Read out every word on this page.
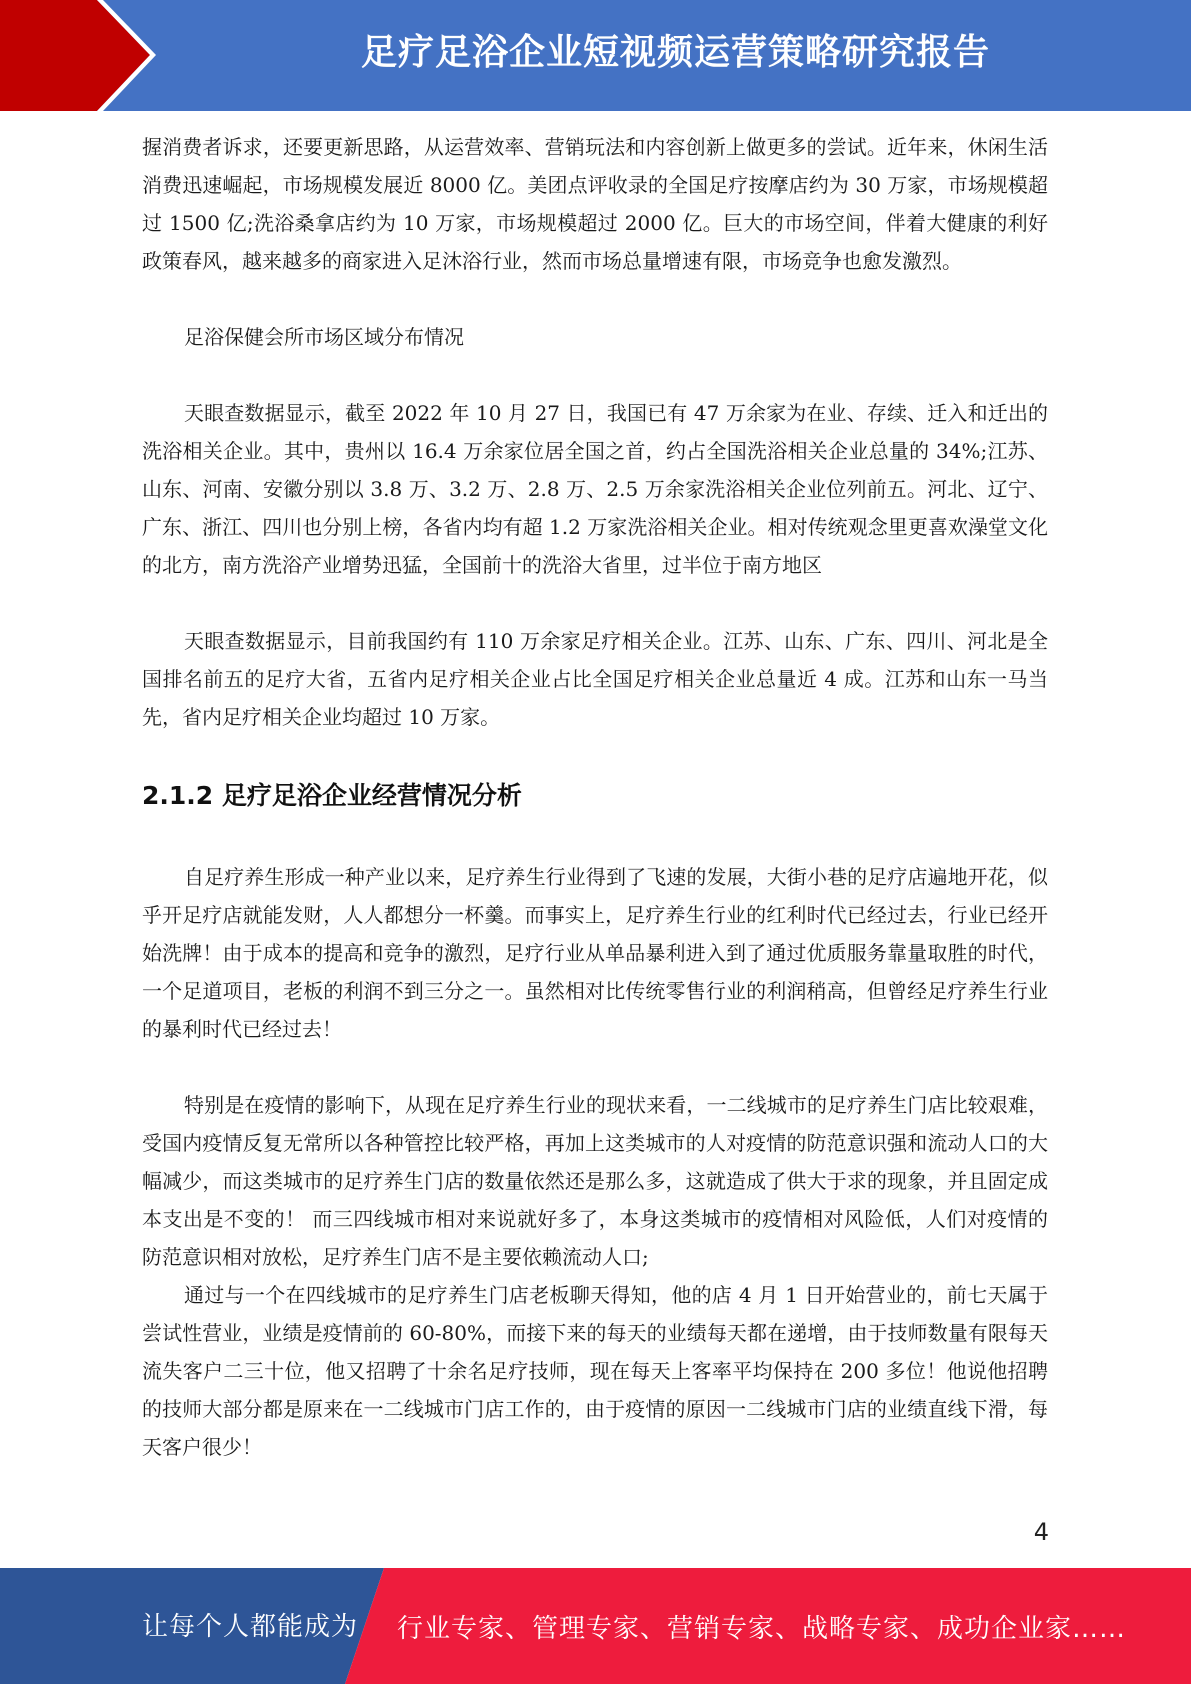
足疗足浴企业短视频运营策略研究报告

握消费者诉求，还要更新思路，从运营效率、营销玩法和内容创新上做更多的尝试。近年来，休闲生活消费迅速崛起，市场规模发展近 8000 亿。美团点评收录的全国足疗按摩店约为 30 万家，市场规模超过 1500 亿;洗浴桑拿店约为 10 万家，市场规模超过 2000 亿。巨大的市场空间，伴着大健康的利好政策春风，越来越多的商家进入足沐浴行业，然而市场总量增速有限，市场竞争也愈发激烈。

足浴保健会所市场区域分布情况

天眼查数据显示，截至 2022 年 10 月 27 日，我国已有 47 万余家为在业、存续、迁入和迁出的洗浴相关企业。其中，贵州以 16.4 万余家位居全国之首，约占全国洗浴相关企业总量的 34%;江苏、山东、河南、安徽分别以 3.8 万、3.2 万、2.8 万、2.5 万余家洗浴相关企业位列前五。河北、辽宁、广东、浙江、四川也分别上榜，各省内均有超 1.2 万家洗浴相关企业。相对传统观念里更喜欢澡堂文化的北方，南方洗浴产业增势迅猛，全国前十的洗浴大省里，过半位于南方地区

天眼查数据显示，目前我国约有 110 万余家足疗相关企业。江苏、山东、广东、四川、河北是全国排名前五的足疗大省，五省内足疗相关企业占比全国足疗相关企业总量近 4 成。江苏和山东一马当先，省内足疗相关企业均超过 10 万家。

2.1.2 足疗足浴企业经营情况分析

自足疗养生形成一种产业以来，足疗养生行业得到了飞速的发展，大街小巷的足疗店遍地开花，似乎开足疗店就能发财，人人都想分一杯羹。而事实上，足疗养生行业的红利时代已经过去，行业已经开始洗牌！由于成本的提高和竞争的激烈，足疗行业从单品暴利进入到了通过优质服务靠量取胜的时代，一个足道项目，老板的利润不到三分之一。虽然相对比传统零售行业的利润稍高，但曾经足疗养生行业的暴利时代已经过去！

特别是在疫情的影响下，从现在足疗养生行业的现状来看，一二线城市的足疗养生门店比较艰难，受国内疫情反复无常所以各种管控比较严格，再加上这类城市的人对疫情的防范意识强和流动人口的大幅减少，而这类城市的足疗养生门店的数量依然还是那么多，这就造成了供大于求的现象，并且固定成本支出是不变的！ 而三四线城市相对来说就好多了，本身这类城市的疫情相对风险低，人们对疫情的防范意识相对放松，足疗养生门店不是主要依赖流动人口;

通过与一个在四线城市的足疗养生门店老板聊天得知，他的店 4 月 1 日开始营业的，前七天属于尝试性营业，业绩是疫情前的 60-80%，而接下来的每天的业绩每天都在递增，由于技师数量有限每天流失客户二三十位，他又招聘了十余名足疗技师，现在每天上客率平均保持在 200 多位！他说他招聘的技师大部分都是原来在一二线城市门店工作的，由于疫情的原因一二线城市门店的业绩直线下滑，每天客户很少！

4
让每个人都能成为 行业专家、管理专家、营销专家、战略专家、成功企业家……
